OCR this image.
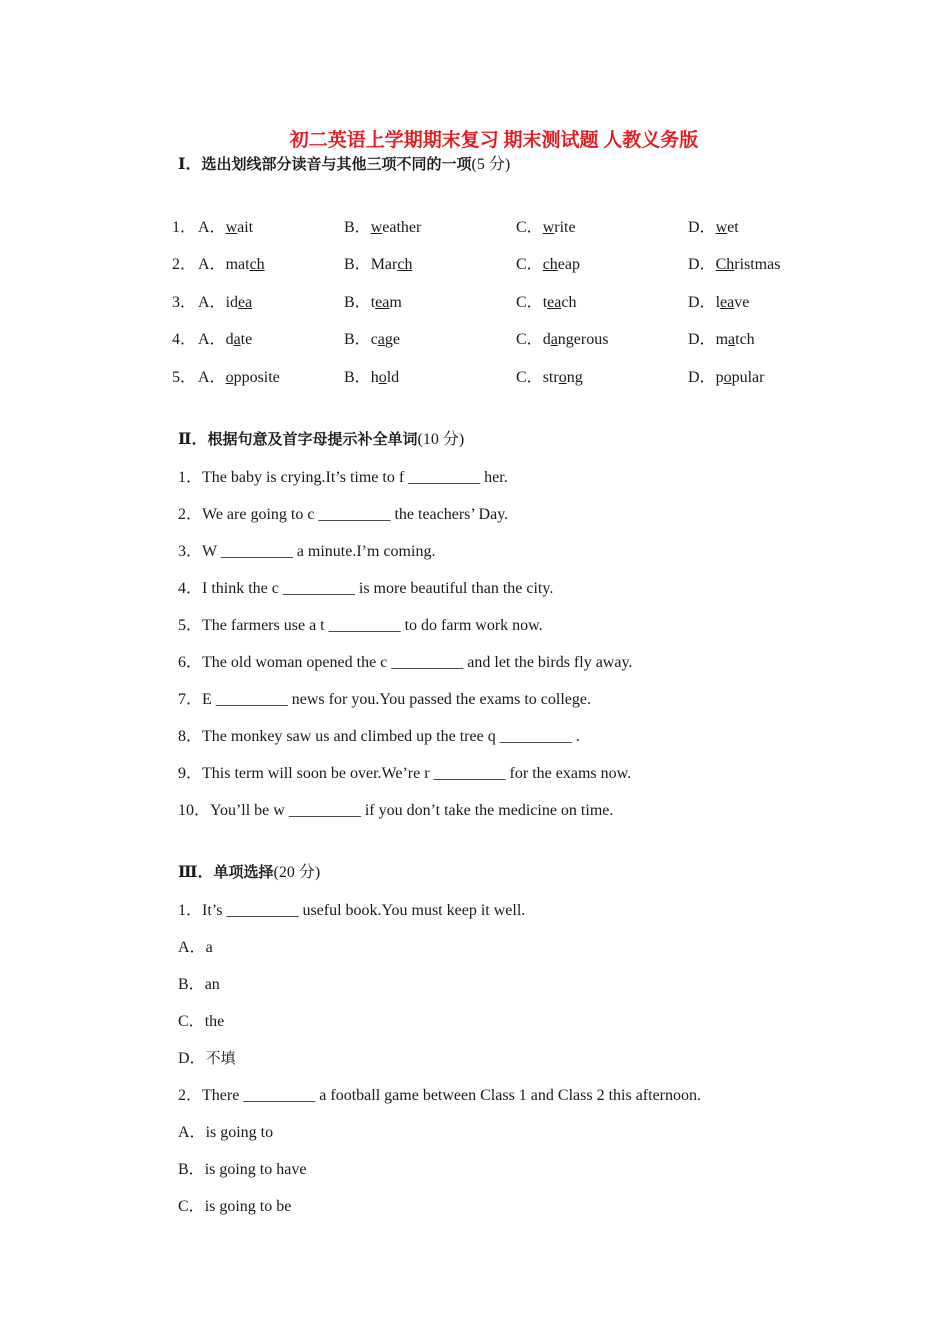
初二英语上学期期末复习 期末测试题 人教义务版
Ⅰ．选出划线部分读音与其他三项不同的一项(5 分)
1． A．wait	B．weather	C．write	D．wet
2． A．match	B．March	C．cheap	D．Christmas
3． A．idea	B．team	C．teach	D．leave
4． A．date	B．cage	C．dangerous	D．match
5． A．opposite	B．hold	C．strong	D．popular
Ⅱ．根据句意及首字母提示补全单词(10 分)
1．The baby is crying.It’s time to f _________ her.
2．We are going to c _________ the teachers’ Day.
3．W _________ a minute.I’m coming.
4．I think the c _________ is more beautiful than the city.
5．The farmers use a t _________ to do farm work now.
6．The old woman opened the c _________ and let the birds fly away.
7．E _________ news for you.You passed the exams to college.
8．The monkey saw us and climbed up the tree q _________ .
9．This term will soon be over.We’re r _________ for the exams now.
10．You’ll be w _________ if you don’t take the medicine on time.
Ⅲ．单项选择(20 分)
1．It’s _________ useful book.You must keep it well.
A．a
B．an
C．the
D．不填
2．There _________ a football game between Class 1 and Class 2 this afternoon.
A．is going to
B．is going to have
C．is going to be
